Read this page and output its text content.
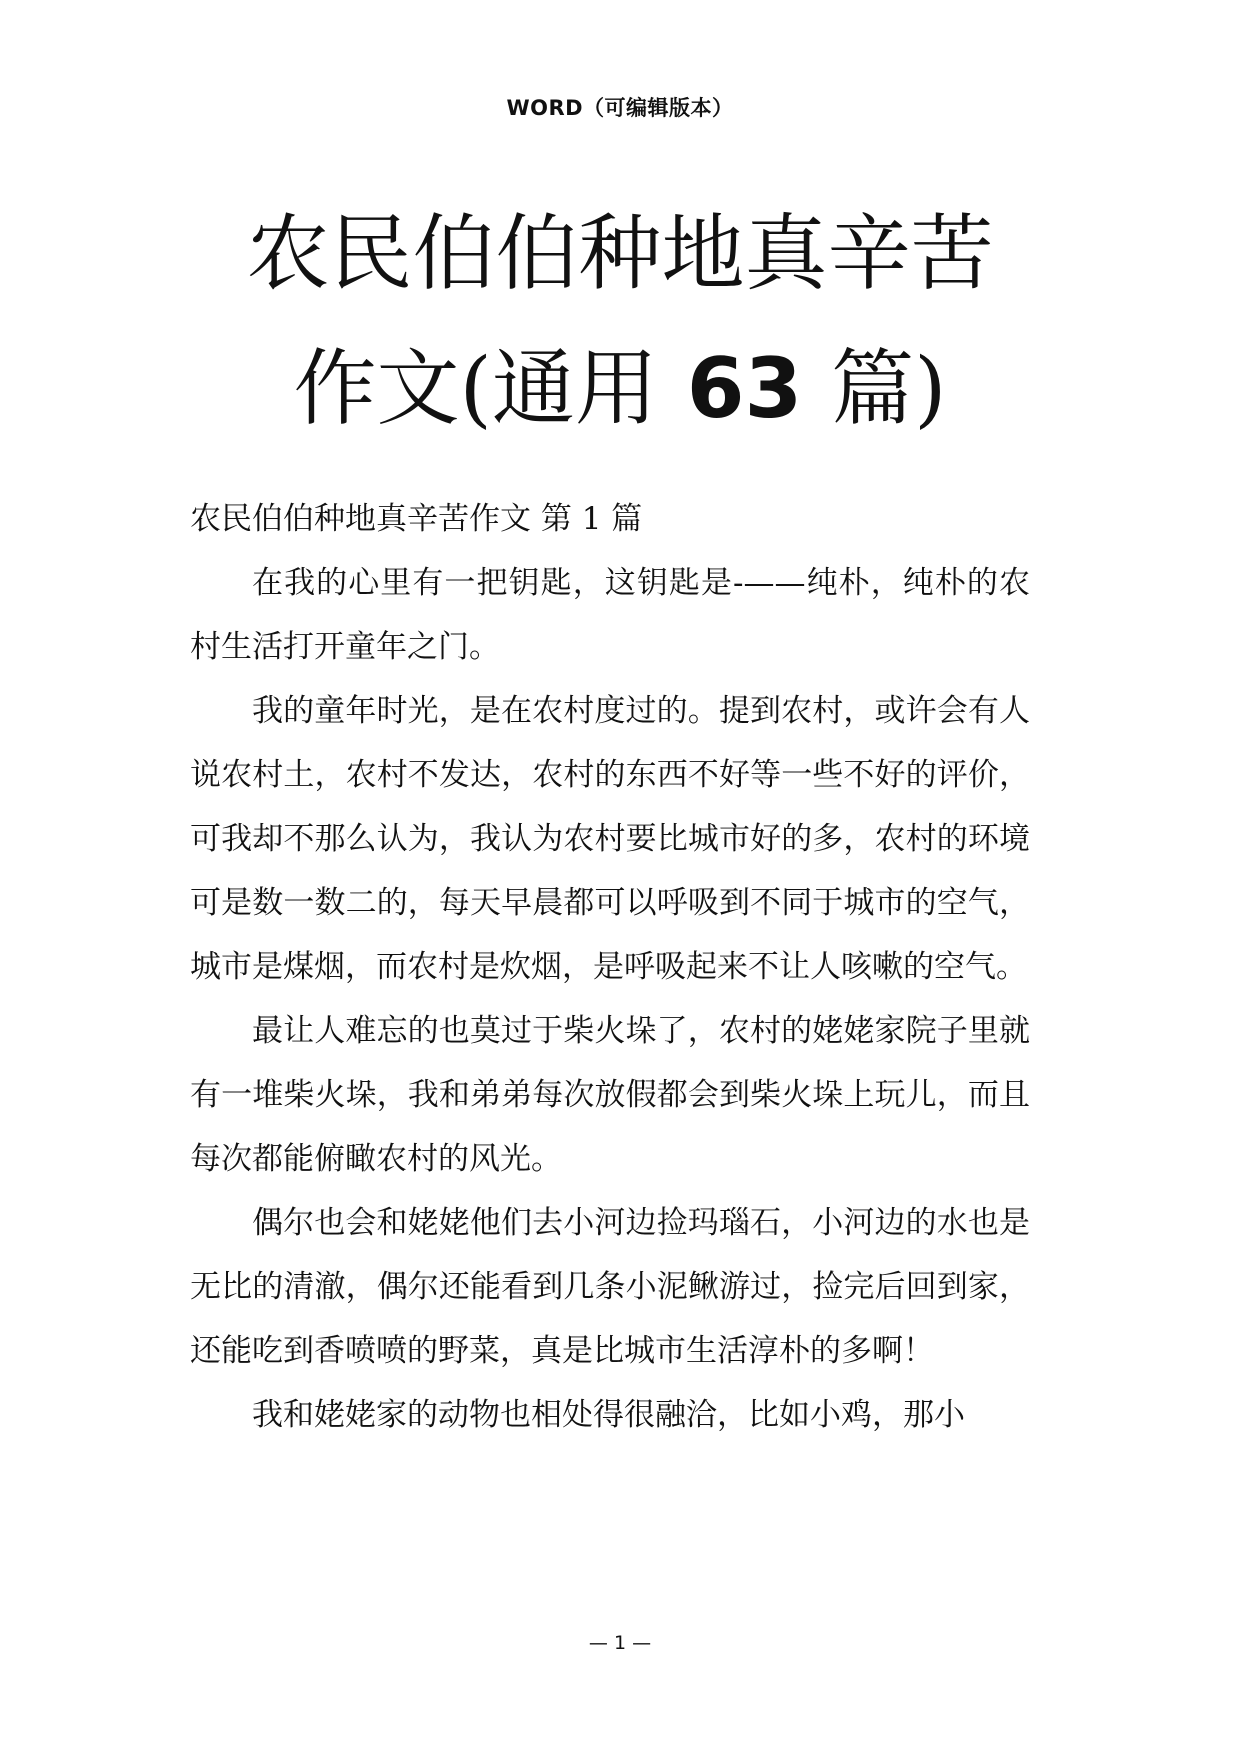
WORD（可编辑版本）
农民伯伯种地真辛苦
作文(通用 63 篇)

农民伯伯种地真辛苦作文 第 1 篇

在我的心里有一把钥匙，这钥匙是-——纯朴，纯朴的农村生活打开童年之门。

我的童年时光，是在农村度过的。提到农村，或许会有人说农村土，农村不发达，农村的东西不好等一些不好的评价，可我却不那么认为，我认为农村要比城市好的多，农村的环境可是数一数二的，每天早晨都可以呼吸到不同于城市的空气，城市是煤烟，而农村是炊烟，是呼吸起来不让人咳嗽的空气。

最让人难忘的也莫过于柴火垛了，农村的姥姥家院子里就有一堆柴火垛，我和弟弟每次放假都会到柴火垛上玩儿，而且每次都能俯瞰农村的风光。

偶尔也会和姥姥他们去小河边捡玛瑙石，小河边的水也是无比的清澈，偶尔还能看到几条小泥鳅游过，捡完后回到家，还能吃到香喷喷的野菜，真是比城市生活淳朴的多啊！

我和姥姥家的动物也相处得很融洽，比如小鸡，那小

— 1 —
